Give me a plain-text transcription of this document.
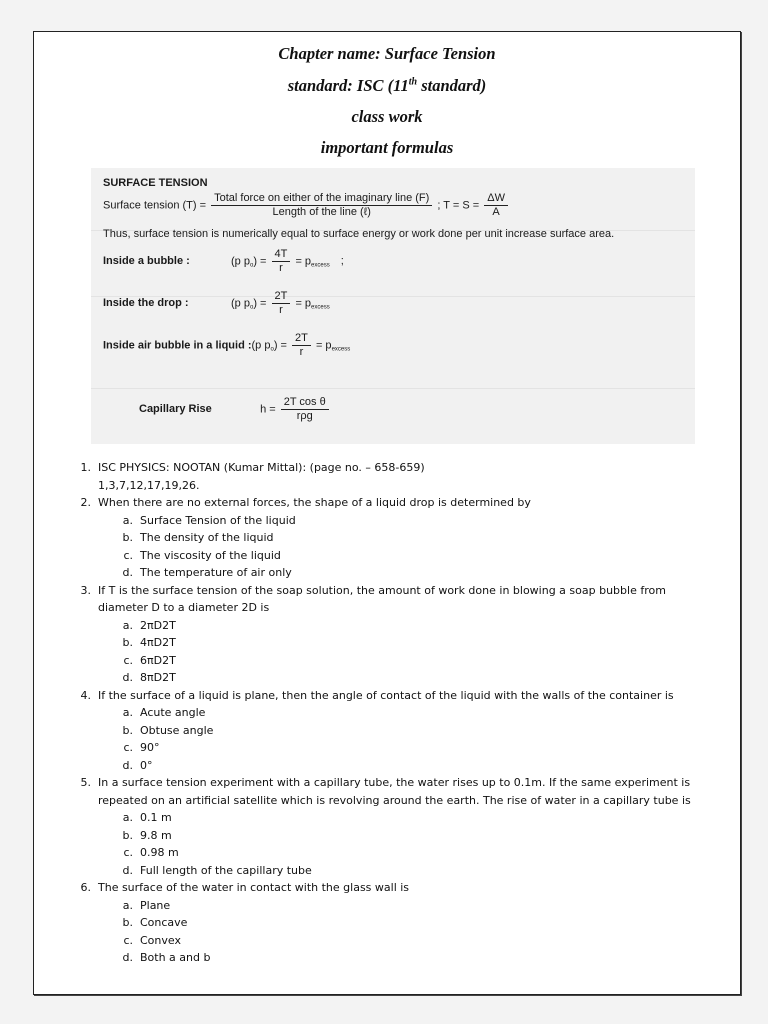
Chapter name: Surface Tension
standard: ISC (11th standard)
class work
important formulas
SURFACE TENSION
Surface tension $(T) = \frac{\text{Total force on either of the imaginary line (F)}}{\text{Length of the line (ℓ)}}$ ; $T = S = \frac{\Delta W}{A}$
Thus, surface tension is numerically equal to surface energy or work done per unit increase surface area.
Inside a bubble :	(p $p_o) = \frac{4T}{r} = p_{excess}$ ;
Inside the drop :	(p $p_o) = \frac{2T}{r} = p_{excess}$
Inside air bubble in a liquid :(p $p_o) = \frac{2T}{r} = p_{excess}$
Capillary Rise	$h = \frac{\text{2T cos θ}}{\text{rρg}}$
1. ISC PHYSICS: NOOTAN (Kumar Mittal): (page no. – 658-659)
1,3,7,12,17,19,26.
2. When there are no external forces, the shape of a liquid drop is determined by
a. Surface Tension of the liquid
b. The density of the liquid
c. The viscosity of the liquid
d. The temperature of air only
3. If T is the surface tension of the soap solution, the amount of work done in blowing a soap bubble from
diameter D to a diameter 2D is
a. 2πD2T
b. 4πD2T
c. 6πD2T
d. 8πD2T
4. If the surface of a liquid is plane, then the angle of contact of the liquid with the walls of the container is
a. Acute angle
b. Obtuse angle
c. 90°
d. 0°
5. In a surface tension experiment with a capillary tube, the water rises up to 0.1m. If the same experiment is
repeated on an artificial satellite which is revolving around the earth. The rise of water in a capillary tube is
a. 0.1 m
b. 9.8 m
c. 0.98 m
d. Full length of the capillary tube
6. The surface of the water in contact with the glass wall is
a. Plane
b. Concave
c. Convex
d. Both a and b
